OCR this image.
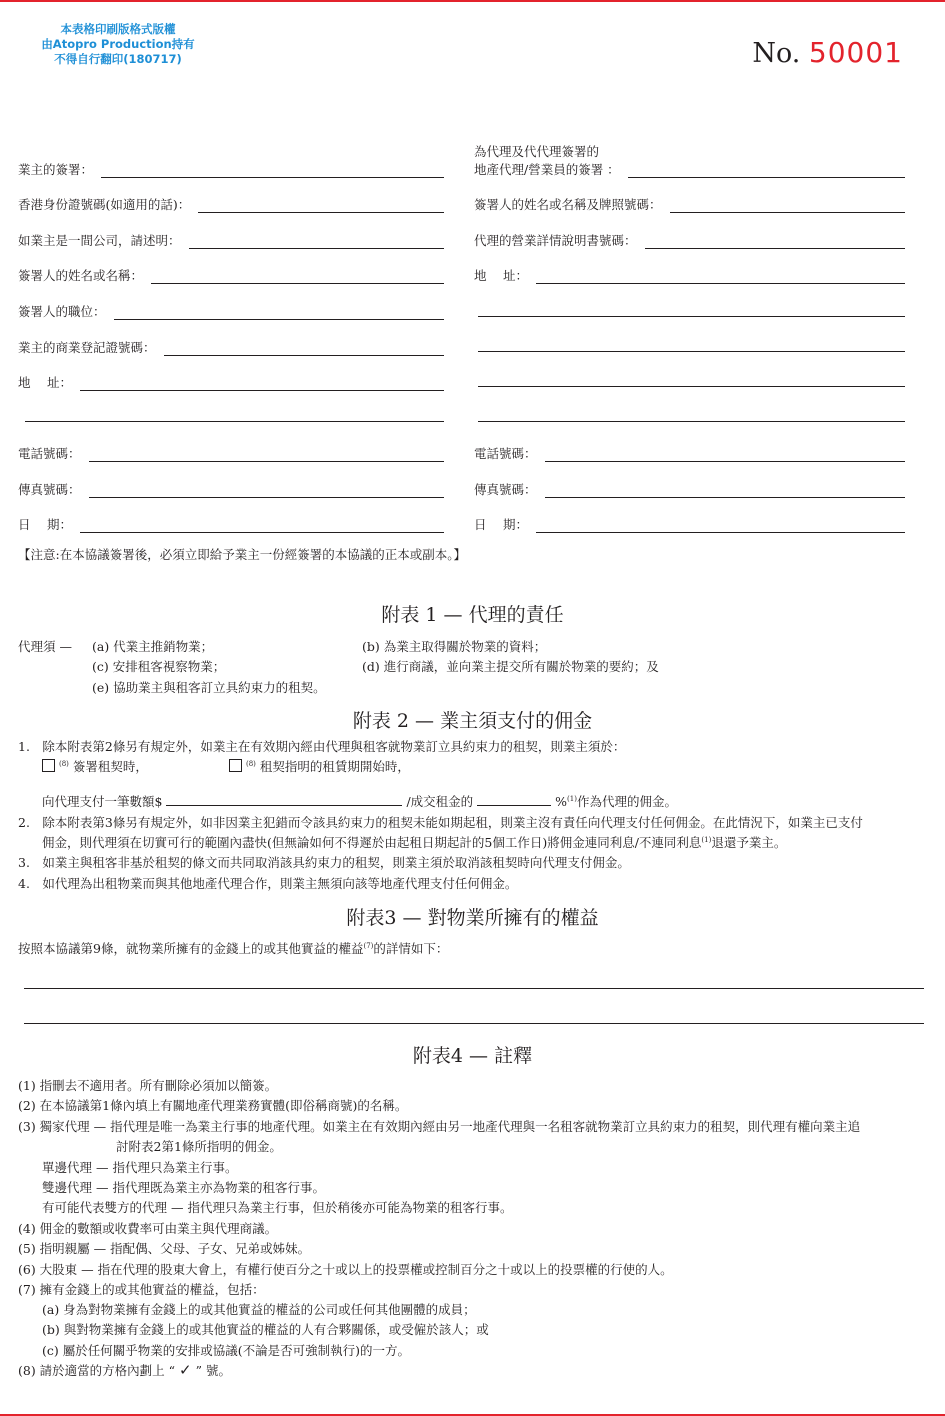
本表格印刷版格式版權
由Atopro Production持有
不得自行翻印(180717)	No. 50001
業主的簽署：
香港身份證號碼(如適用的話)：
如業主是一間公司，請述明：
簽署人的姓名或名稱：
簽署人的職位：
業主的商業登記證號碼：
地　 址：
電話號碼：
傳真號碼：
日　 期：
為代理及代代理簽署的
地產代理/營業員的簽署 ：
簽署人的姓名或名稱及牌照號碼：
代理的營業詳情說明書號碼：
地　 址：
電話號碼：
傳真號碼：
日　 期：
【注意:在本協議簽署後，必須立即給予業主一份經簽署的本協議的正本或副本。】
附表 1 — 代理的責任
代理須 — (a) 代業主推銷物業；	(b) 為業主取得關於物業的資料；
(c) 安排租客視察物業；	(d) 進行商議，並向業主提交所有關於物業的要約；及
(e) 協助業主與租客訂立具約束力的租契。
附表 2 — 業主須支付的佣金
1.　除本附表第2條另有規定外，如業主在有效期內經由代理與租客就物業訂立具約束力的租契，則業主須於：
$^{(8)}$ 簽署租契時，	$^{(8)}$ 租契指明的租賃期開始時，
向代理支付一筆數額$	/成交租金的	%$^{(1)}$作為代理的佣金。
2.　除本附表第3條另有規定外，如非因業主犯錯而令該具約束力的租契未能如期起租，則業主沒有責任向代理支付任何佣金。在此情況下，如業主已支付
佣金，則代理須在切實可行的範圍內盡快(但無論如何不得遲於由起租日期起計的5個工作日)將佣金連同利息/不連同利息$^{(1)}$退還予業主。
3.　如業主與租客非基於租契的條文而共同取消該具約束力的租契，則業主須於取消該租契時向代理支付佣金。
4.　如代理為出租物業而與其他地產代理合作，則業主無須向該等地產代理支付任何佣金。
附表3 — 對物業所擁有的權益
按照本協議第9條，就物業所擁有的金錢上的或其他實益的權益$^{(7)}$的詳情如下：
附表4 — 註釋
(1) 指刪去不適用者。所有刪除必須加以簡簽。
(2) 在本協議第1條內填上有關地產代理業務實體(即俗稱商號)的名稱。
(3) 獨家代理 — 指代理是唯一為業主行事的地產代理。如業主在有效期內經由另一地產代理與一名租客就物業訂立具約束力的租契，則代理有權向業主追
討附表2第1條所指明的佣金。
單邊代理 — 指代理只為業主行事。
雙邊代理 — 指代理既為業主亦為物業的租客行事。
有可能代表雙方的代理 — 指代理只為業主行事，但於稍後亦可能為物業的租客行事。
(4) 佣金的數額或收費率可由業主與代理商議。
(5) 指明親屬 — 指配偶、父母、子女、兄弟或姊妹。
(6) 大股東 — 指在代理的股東大會上，有權行使百分之十或以上的投票權或控制百分之十或以上的投票權的行使的人。
(7) 擁有金錢上的或其他實益的權益，包括：
(a) 身為對物業擁有金錢上的或其他實益的權益的公司或任何其他團體的成員；
(b) 與對物業擁有金錢上的或其他實益的權益的人有合夥關係，或受僱於該人；或
(c) 屬於任何關乎物業的安排或協議(不論是否可強制執行)的一方。
(8) 請於適當的方格內劃上 “ ✓ ” 號。
